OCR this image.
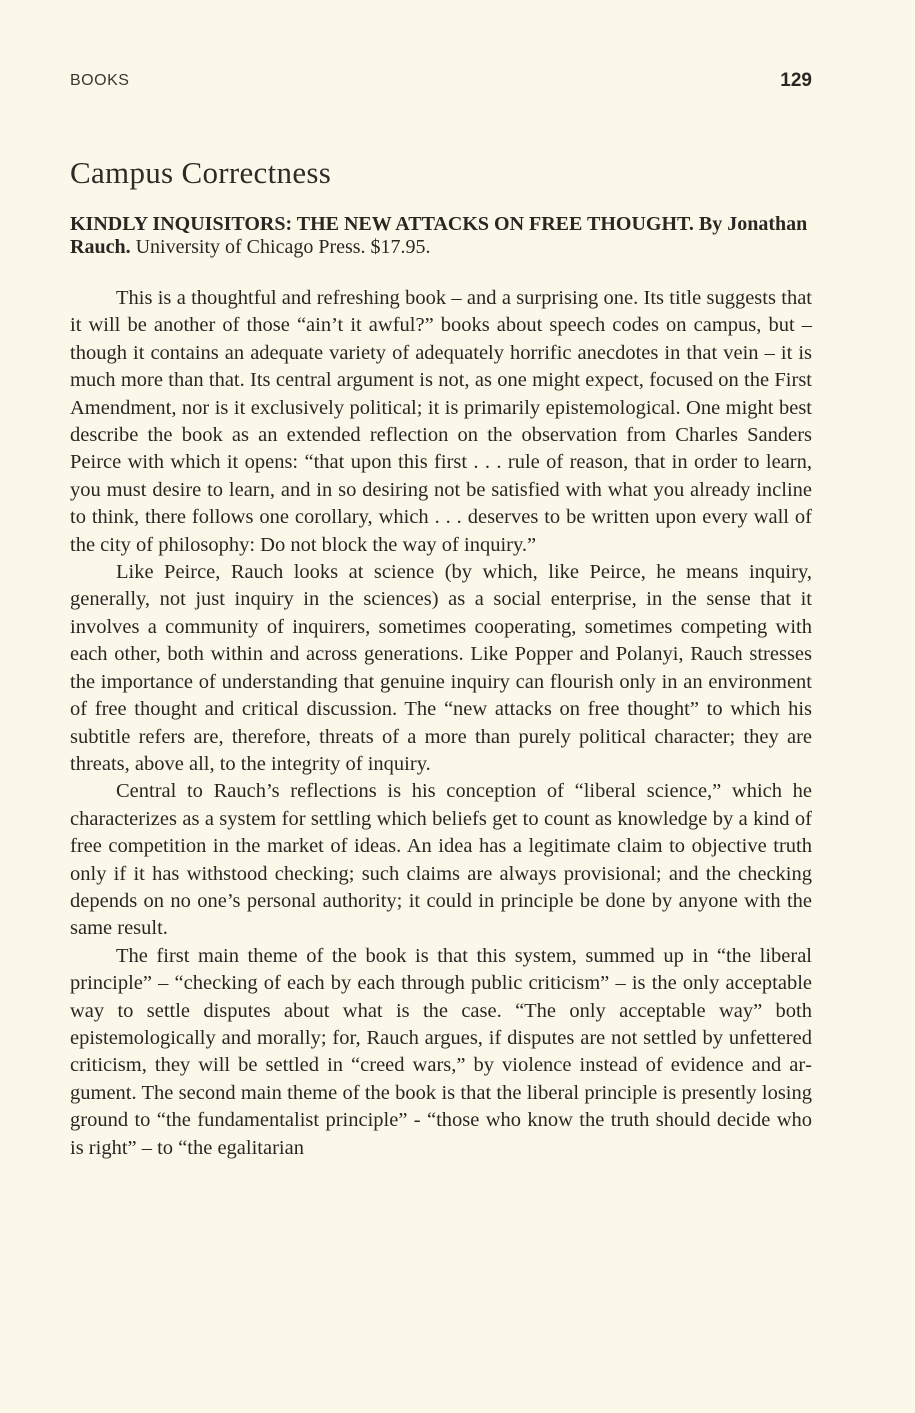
BOOKS	129
Campus Correctness
KINDLY INQUISITORS: THE NEW ATTACKS ON FREE THOUGHT. By Jonathan Rauch. University of Chicago Press. $17.95.

This is a thoughtful and refreshing book – and a surprising one. Its title suggests that it will be another of those “ain’t it awful?” books about speech codes on campus, but – though it contains an adequate variety of adequately horrific anecdotes in that vein – it is much more than that. Its central argument is not, as one might expect, focused on the First Amendment, nor is it exclusively political; it is primarily epistemological. One might best describe the book as an extended reflection on the observation from Charles Sanders Peirce with which it opens: “that upon this first . . . rule of reason, that in order to learn, you must desire to learn, and in so desiring not be satisfied with what you already incline to think, there follows one corollary, which . . . deserves to be written upon every wall of the city of philosophy: Do not block the way of inquiry.”

Like Peirce, Rauch looks at science (by which, like Peirce, he means inquiry, generally, not just inquiry in the sciences) as a social enterprise, in the sense that it involves a community of inquirers, sometimes cooperating, sometimes competing with each other, both within and across generations. Like Popper and Polanyi, Rauch stresses the importance of understanding that genuine inquiry can flourish only in an environment of free thought and critical discussion. The “new attacks on free thought” to which his subtitle refers are, therefore, threats of a more than purely political character; they are threats, above all, to the integrity of inquiry.

Central to Rauch’s reflections is his conception of “liberal science,” which he characterizes as a system for settling which beliefs get to count as knowledge by a kind of free competition in the market of ideas. An idea has a legitimate claim to objective truth only if it has withstood checking; such claims are always provisional; and the checking depends on no one’s personal authority; it could in principle be done by anyone with the same result.

The first main theme of the book is that this system, summed up in “the liberal principle” – “checking of each by each through public criticism” – is the only acceptable way to settle disputes about what is the case. “The only acceptable way” both epistemologically and morally; for, Rauch argues, if disputes are not settled by unfettered criticism, they will be settled in “creed wars,” by violence instead of evidence and argument. The second main theme of the book is that the liberal principle is presently losing ground to “the fundamentalist principle” - “those who know the truth should decide who is right” – to “the egalitarian
